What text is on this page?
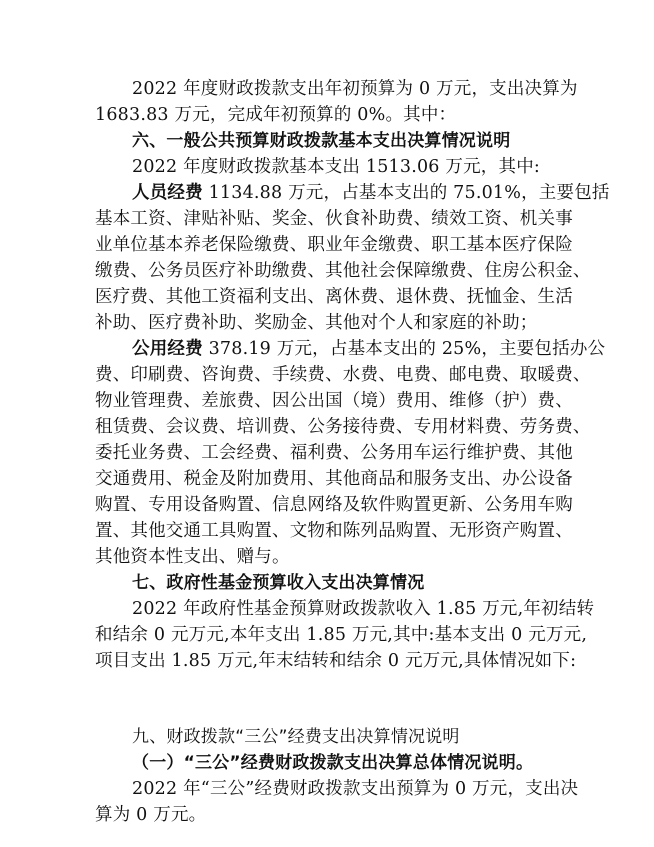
2022 年度财政拨款支出年初预算为 0 万元，支出决算为
1683.83 万元，完成年初预算的 0%。其中：
六、一般公共预算财政拨款基本支出决算情况说明
2022 年度财政拨款基本支出 1513.06 万元，其中:
人员经费 1134.88 万元，占基本支出的 75.01%，主要包括
基本工资、津贴补贴、奖金、伙食补助费、绩效工资、机关事
业单位基本养老保险缴费、职业年金缴费、职工基本医疗保险
缴费、公务员医疗补助缴费、其他社会保障缴费、住房公积金、
医疗费、其他工资福利支出、离休费、退休费、抚恤金、生活
补助、医疗费补助、奖励金、其他对个人和家庭的补助；
公用经费 378.19 万元，占基本支出的 25%，主要包括办公
费、印刷费、咨询费、手续费、水费、电费、邮电费、取暖费、
物业管理费、差旅费、因公出国（境）费用、维修（护）费、
租赁费、会议费、培训费、公务接待费、专用材料费、劳务费、
委托业务费、工会经费、福利费、公务用车运行维护费、其他
交通费用、税金及附加费用、其他商品和服务支出、办公设备
购置、专用设备购置、信息网络及软件购置更新、公务用车购
置、其他交通工具购置、文物和陈列品购置、无形资产购置、
其他资本性支出、赠与。
七、政府性基金预算收入支出决算情况
2022 年政府性基金预算财政拨款收入 1.85 万元,年初结转
和结余 0 元万元,本年支出 1.85 万元,其中:基本支出 0 元万元,
项目支出 1.85 万元,年末结转和结余 0 元万元,具体情况如下:
九、财政拨款“三公”经费支出决算情况说明
（一）“三公”经费财政拨款支出决算总体情况说明。
2022 年“三公”经费财政拨款支出预算为 0 万元，支出决
算为 0 万元。
